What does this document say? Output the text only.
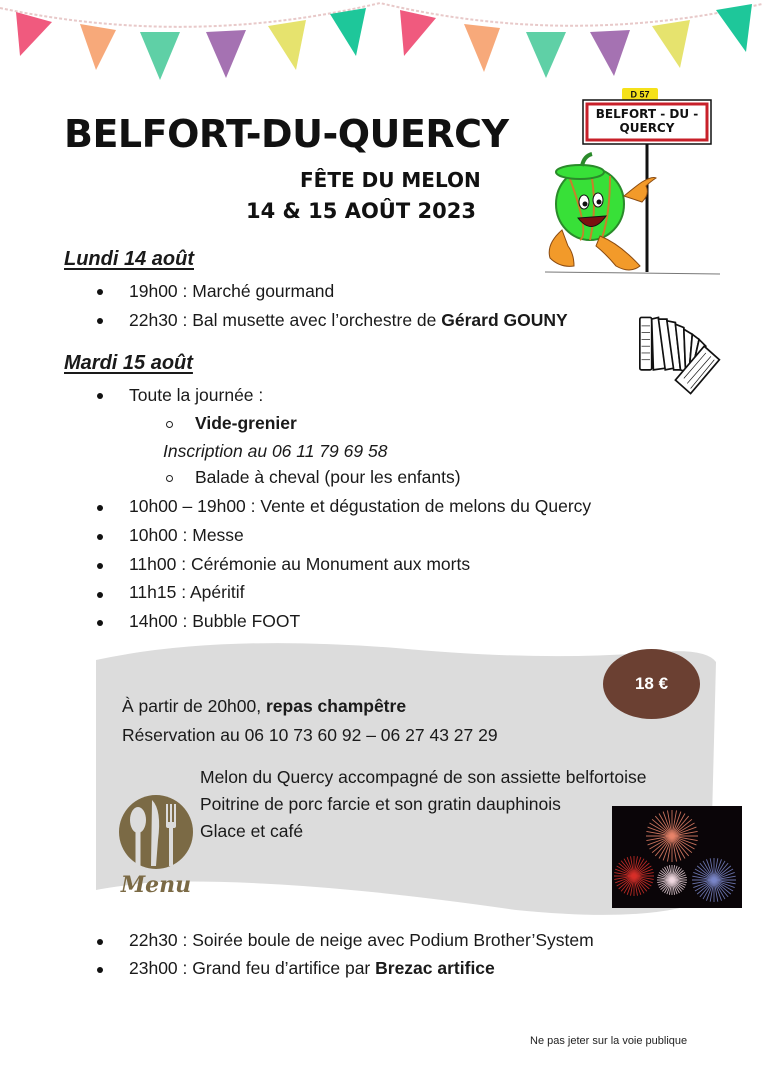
BELFORT-DU-QUERCY
FÊTE DU MELON
14 & 15 AOÛT 2023
D 57
BELFORT - DU -
QUERCY
Lundi 14 août
19h00 : Marché gourmand
22h30 : Bal musette avec l’orchestre de Gérard GOUNY
Mardi 15 août
Toute la journée :
Vide-grenier
Inscription au 06 11 79 69 58
Balade à cheval (pour les enfants)
10h00 – 19h00 : Vente et dégustation de melons du Quercy
10h00 : Messe
11h00 : Cérémonie au Monument aux morts
11h15 : Apéritif
14h00 : Bubble FOOT
18 €
À partir de 20h00, repas champêtre
Réservation au 06 10 73 60 92 – 06 27 43 27 29
Melon du Quercy accompagné de son assiette belfortoise
Poitrine de porc farcie et son gratin dauphinois
Glace et café
Menu
22h30 : Soirée boule de neige avec Podium Brother’System
23h00 : Grand feu d’artifice par Brezac artifice
Ne pas jeter sur la voie publique
